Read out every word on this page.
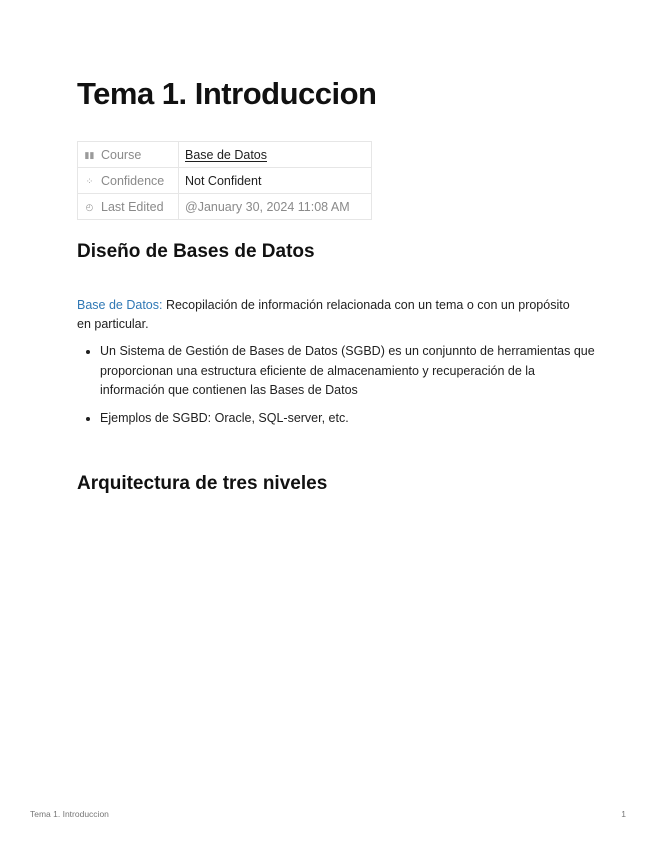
Tema 1. Introduccion
▮▮ Course	Base de Datos
⁘ Confidence	Not Confident
◴ Last Edited	@January 30, 2024 11:08 AM
Diseño de Bases de Datos

Base de Datos: Recopilación de información relacionada con un tema o con un propósito en particular.

Un Sistema de Gestión de Bases de Datos (SGBD) es un conjunnto de herramientas que proporcionan una estructura eficiente de almacenamiento y recuperación de la información que contienen las Bases de Datos
Ejemplos de SGBD: Oracle, SQL-server, etc.
Arquitectura de tres niveles
Tema 1. Introduccion	1
